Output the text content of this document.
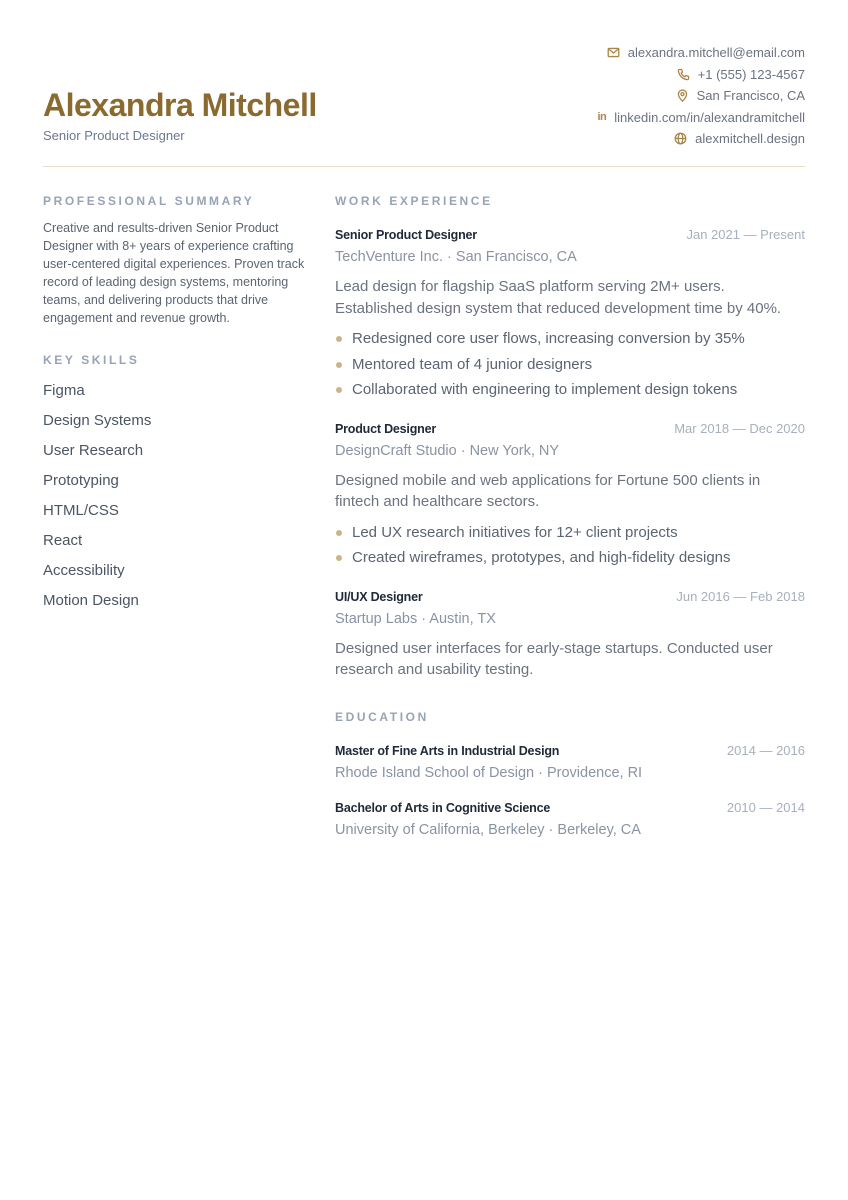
Alexandra Mitchell
Senior Product Designer
alexandra.mitchell@email.com
+1 (555) 123-4567
San Francisco, CA
in linkedin.com/in/alexandramitchell
alexmitchell.design
PROFESSIONAL SUMMARY

Creative and results-driven Senior Product Designer with 8+ years of experience crafting user-centered digital experiences. Proven track record of leading design systems, mentoring teams, and delivering products that drive engagement and revenue growth.

KEY SKILLS
Figma
Design Systems
User Research
Prototyping
HTML/CSS
React
Accessibility
Motion Design
WORK EXPERIENCE
Senior Product Designer	Jan 2021 — Present
TechVenture Inc. · San Francisco, CA

Lead design for flagship SaaS platform serving 2M+ users. Established design system that reduced development time by 40%.

Redesigned core user flows, increasing conversion by 35%
Mentored team of 4 junior designers
Collaborated with engineering to implement design tokens
Product Designer	Mar 2018 — Dec 2020
DesignCraft Studio · New York, NY

Designed mobile and web applications for Fortune 500 clients in fintech and healthcare sectors.

Led UX research initiatives for 12+ client projects
Created wireframes, prototypes, and high-fidelity designs
UI/UX Designer	Jun 2016 — Feb 2018
Startup Labs · Austin, TX

Designed user interfaces for early-stage startups. Conducted user research and usability testing.

EDUCATION
Master of Fine Arts in Industrial Design	2014 — 2016
Rhode Island School of Design · Providence, RI
Bachelor of Arts in Cognitive Science	2010 — 2014
University of California, Berkeley · Berkeley, CA
